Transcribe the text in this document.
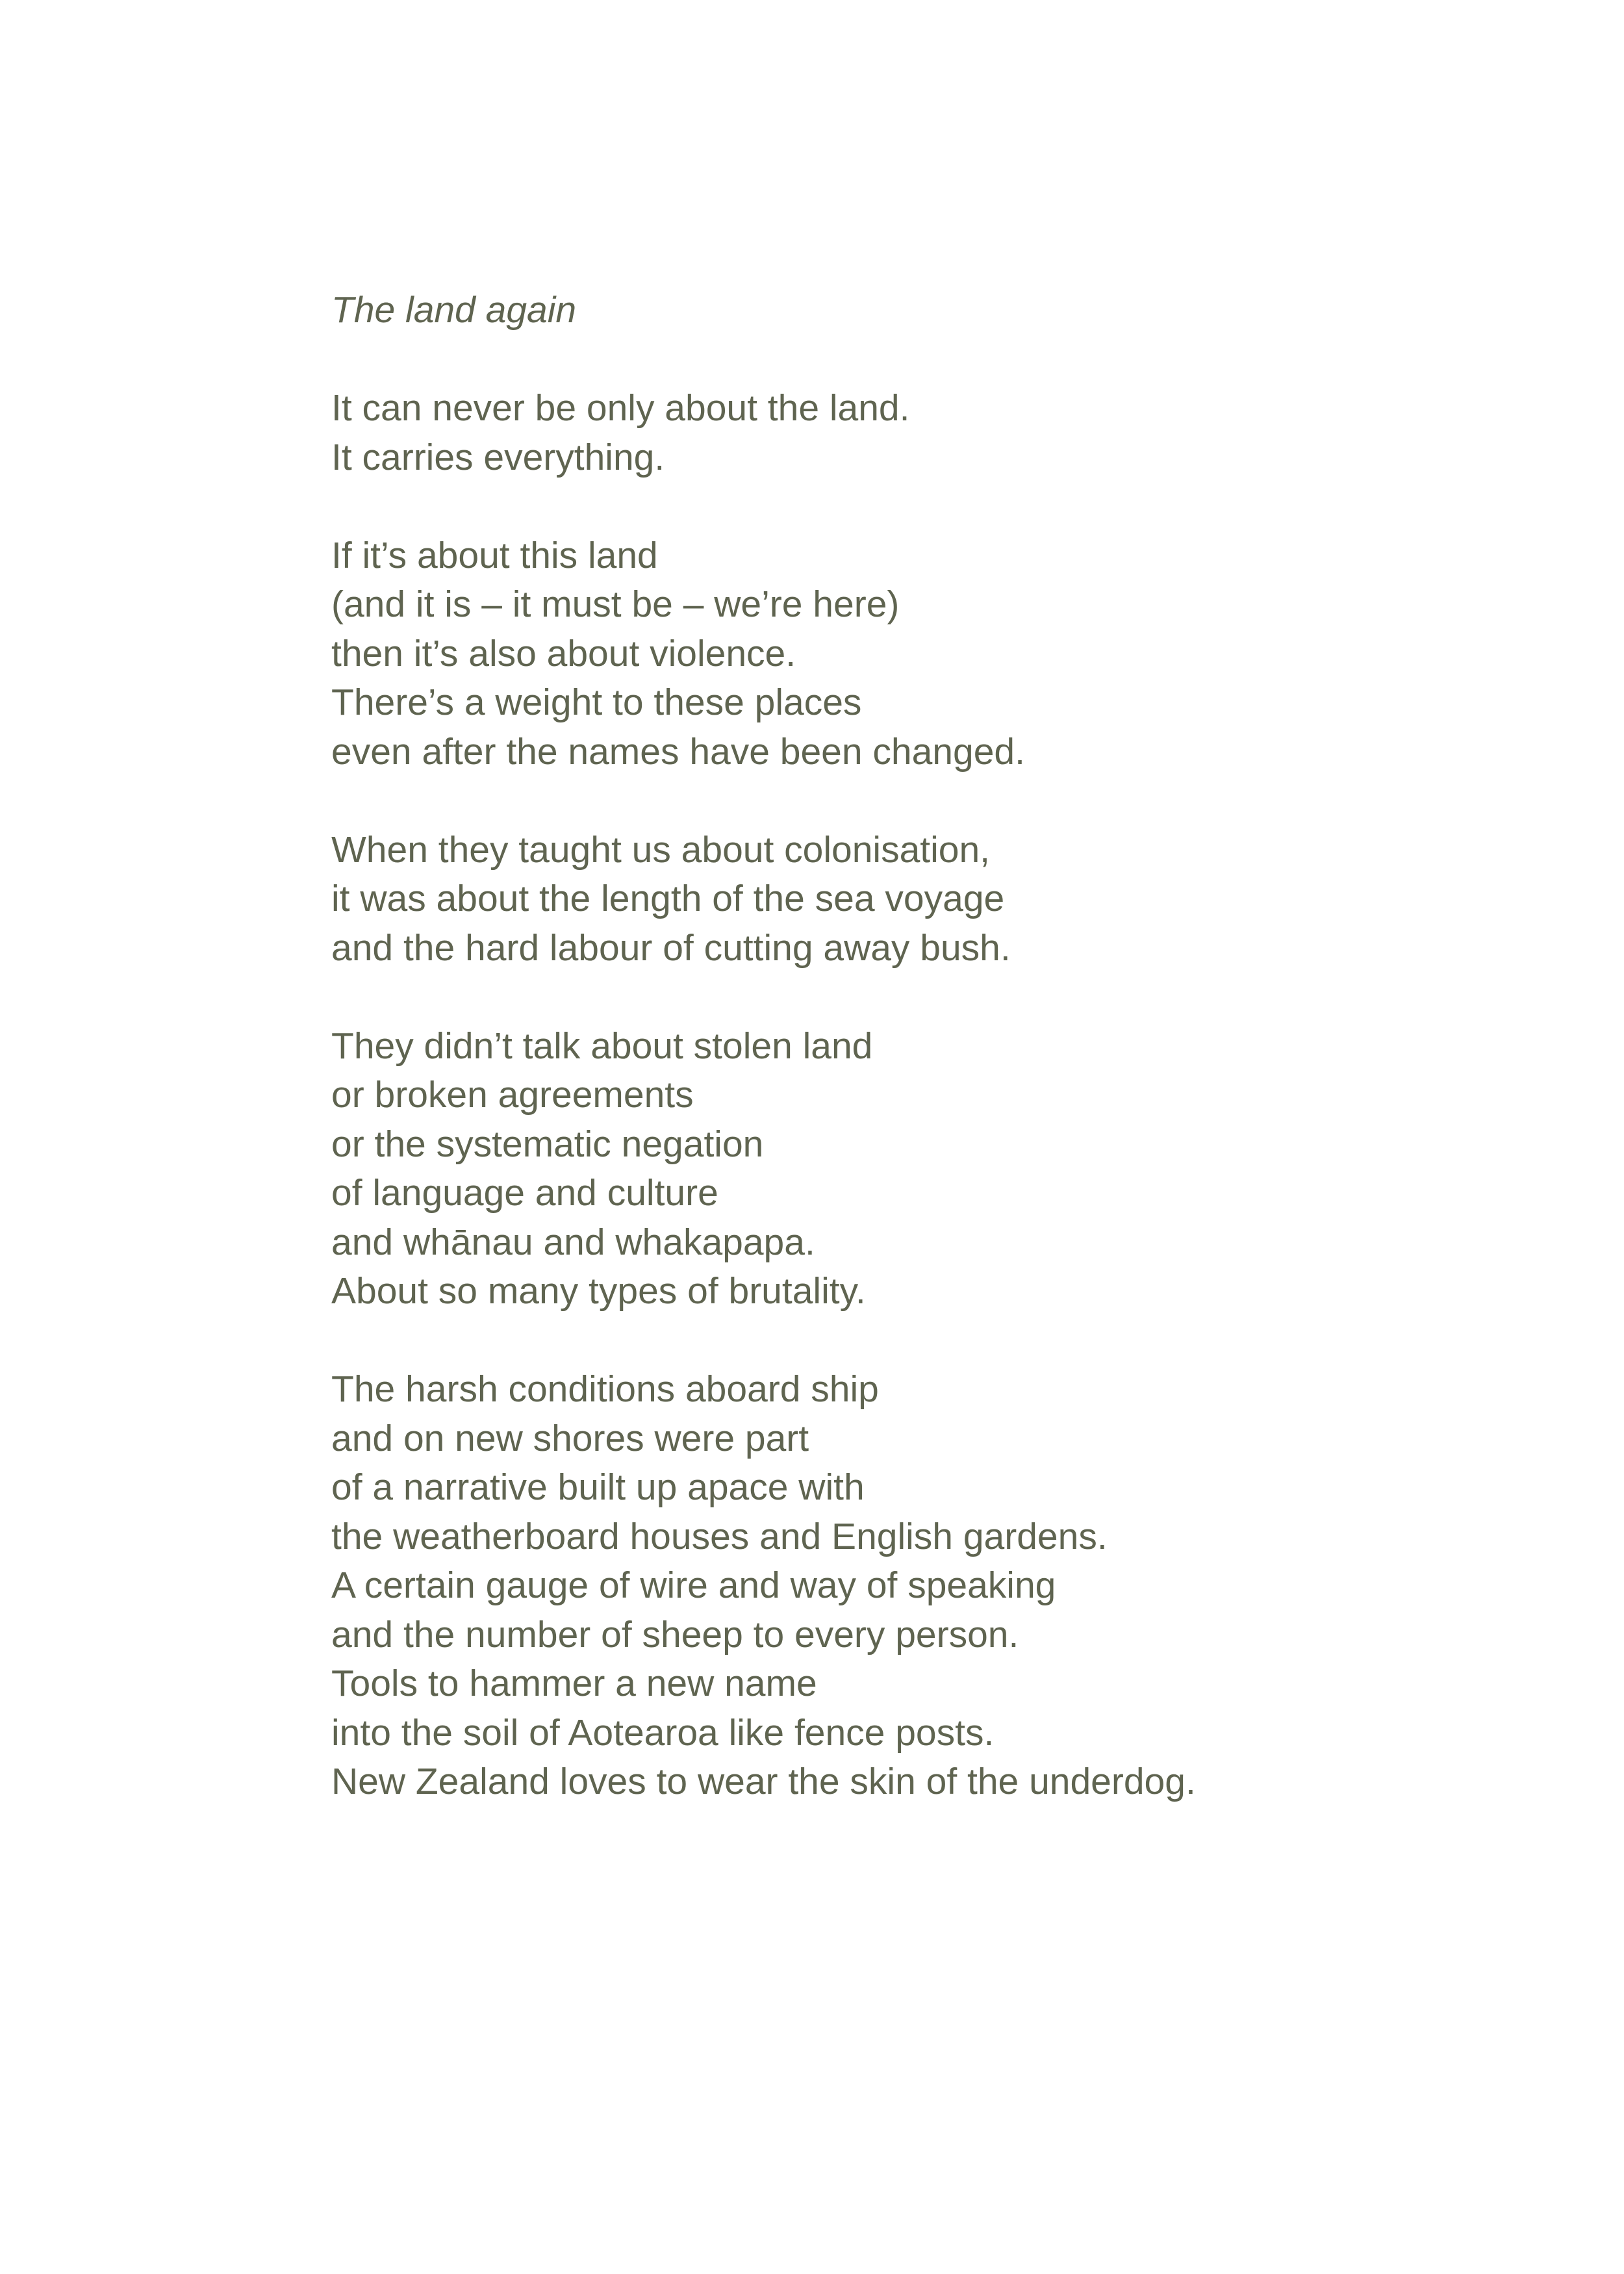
The land again

It can never be only about the land.
It carries everything.
If it’s about this land
(and it is – it must be – we’re here)
then it’s also about violence.
There’s a weight to these places
even after the names have been changed.
When they taught us about colonisation,
it was about the length of the sea voyage
and the hard labour of cutting away bush.
They didn’t talk about stolen land
or broken agreements
or the systematic negation
of language and culture
and whānau and whakapapa.
About so many types of brutality.
The harsh conditions aboard ship
and on new shores were part
of a narrative built up apace with
the weatherboard houses and English gardens.
A certain gauge of wire and way of speaking
and the number of sheep to every person.
Tools to hammer a new name
into the soil of Aotearoa like fence posts.
New Zealand loves to wear the skin of the underdog.
